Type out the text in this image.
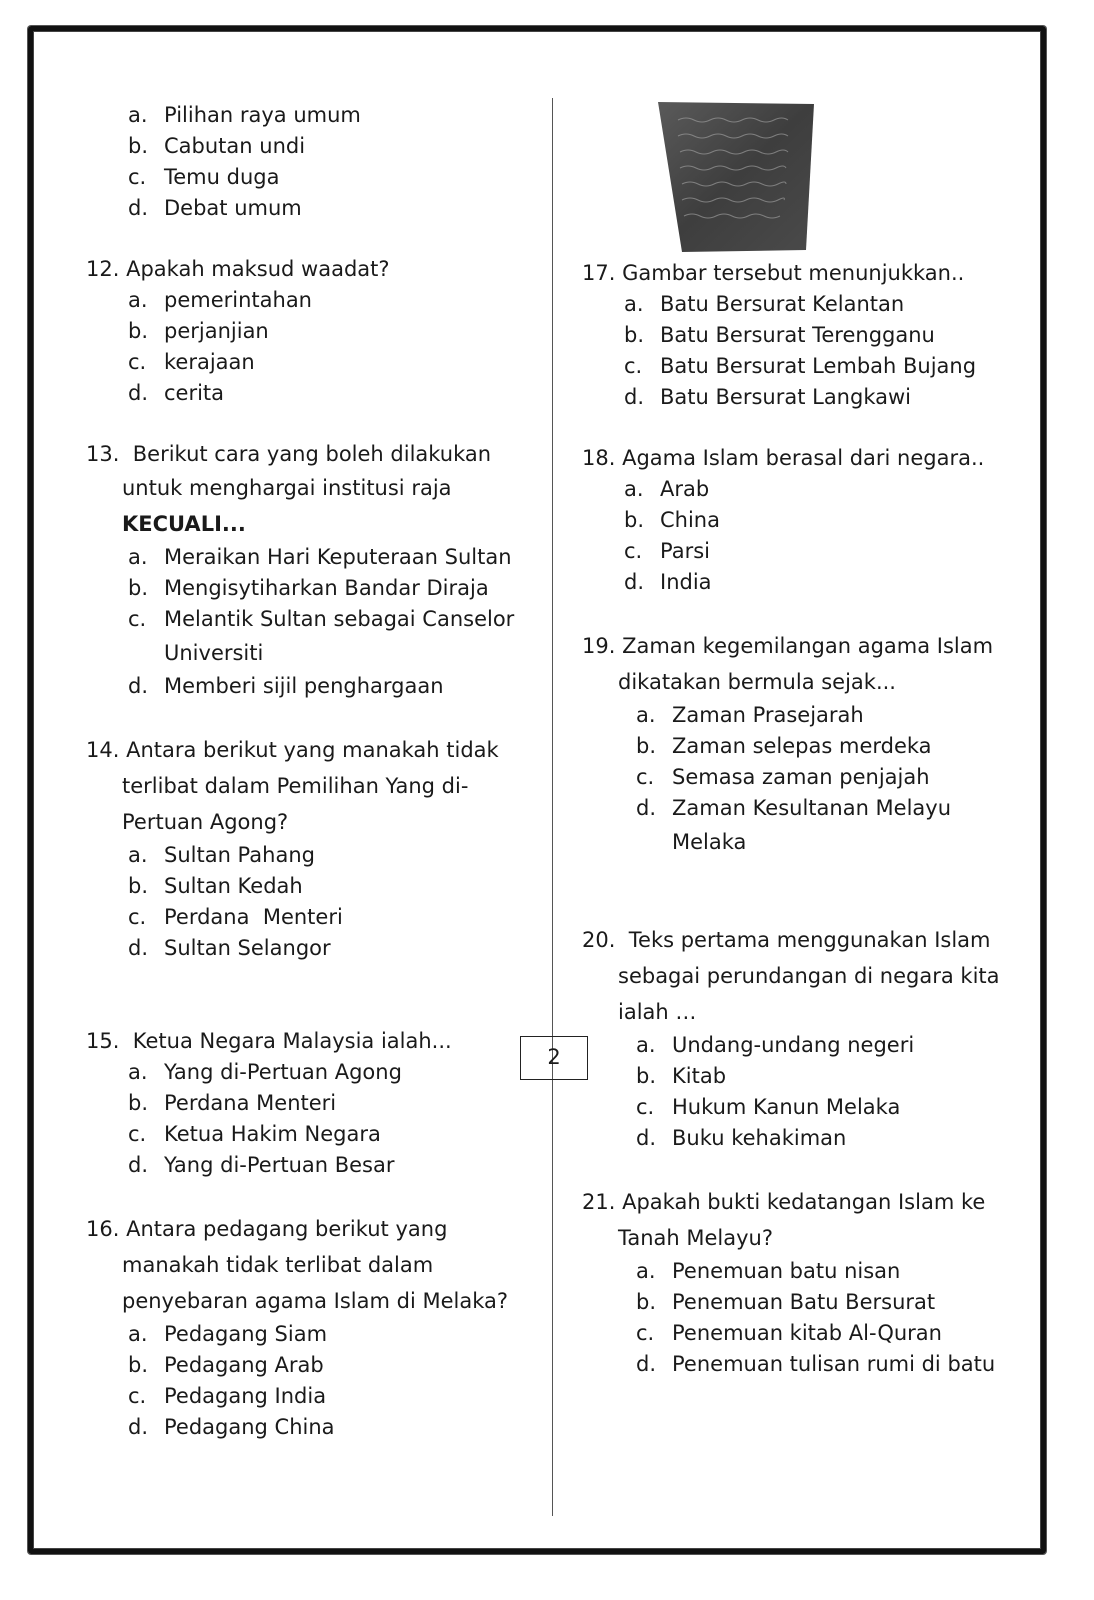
2
a. Pilihan raya umum
b. Cabutan undi
c. Temu duga
d. Debat umum
12. Apakah maksud waadat?
a. pemerintahan
b. perjanjian
c. kerajaan
d. cerita
13. Berikut cara yang boleh dilakukan
untuk menghargai institusi raja
KECUALI...
a. Meraikan Hari Keputeraan Sultan
b. Mengisytiharkan Bandar Diraja
c. Melantik Sultan sebagai Canselor
Universiti
d. Memberi sijil penghargaan
14. Antara berikut yang manakah tidak
terlibat dalam Pemilihan Yang di-
Pertuan Agong?
a. Sultan Pahang
b. Sultan Kedah
c. Perdana  Menteri
d. Sultan Selangor
15. Ketua Negara Malaysia ialah...
a. Yang di-Pertuan Agong
b. Perdana Menteri
c. Ketua Hakim Negara
d. Yang di-Pertuan Besar
16. Antara pedagang berikut yang
manakah tidak terlibat dalam
penyebaran agama Islam di Melaka?
a. Pedagang Siam
b. Pedagang Arab
c. Pedagang India
d. Pedagang China
17. Gambar tersebut menunjukkan..
a. Batu Bersurat Kelantan
b. Batu Bersurat Terengganu
c. Batu Bersurat Lembah Bujang
d. Batu Bersurat Langkawi
18. Agama Islam berasal dari negara..
a. Arab
b. China
c. Parsi
d. India
19. Zaman kegemilangan agama Islam
dikatakan bermula sejak...
a. Zaman Prasejarah
b. Zaman selepas merdeka
c. Semasa zaman penjajah
d. Zaman Kesultanan Melayu
Melaka
20. Teks pertama menggunakan Islam
sebagai perundangan di negara kita
ialah …
a. Undang-undang negeri
b. Kitab
c. Hukum Kanun Melaka
d. Buku kehakiman
21. Apakah bukti kedatangan Islam ke
Tanah Melayu?
a. Penemuan batu nisan
b. Penemuan Batu Bersurat
c. Penemuan kitab Al-Quran
d. Penemuan tulisan rumi di batu
